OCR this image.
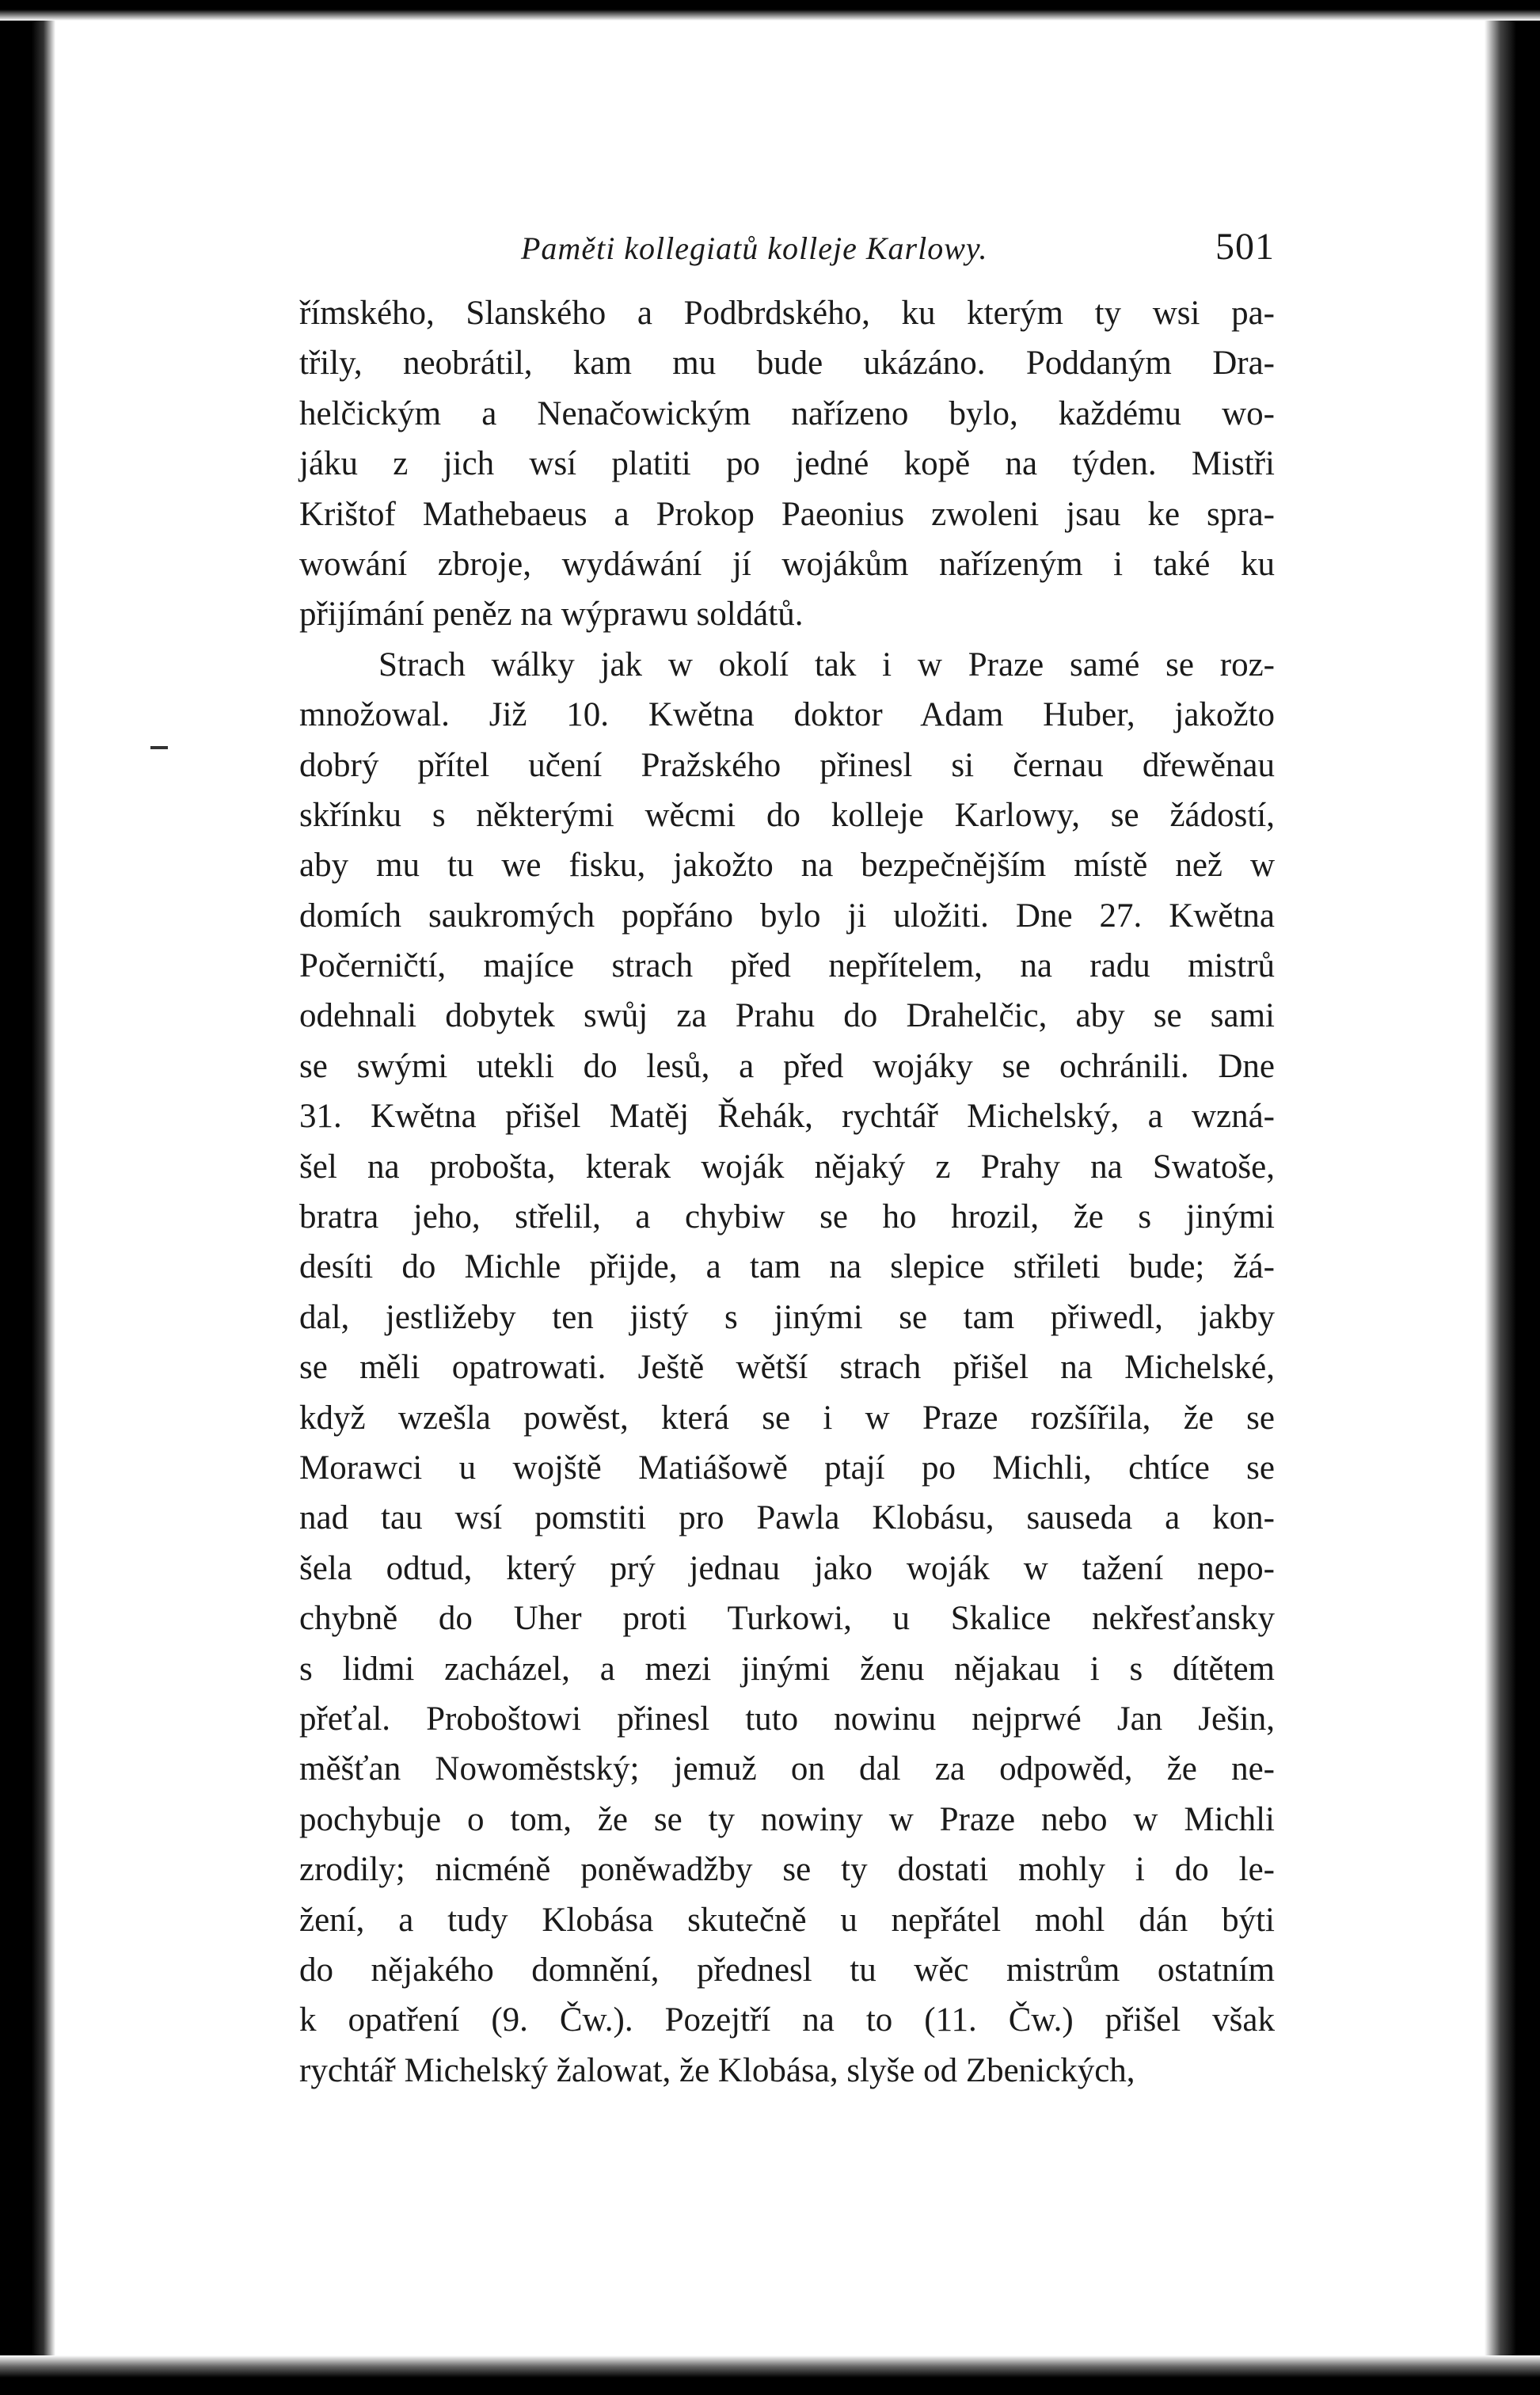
Paměti kollegiatů kolleje Karlowy.	501

římského, Slanského a Podbrdského, ku kterým ty wsi pa-
třily, neobrátil, kam mu bude ukázáno. Poddaným Dra-
helčickým a Nenačowickým nařízeno bylo, každému wo-
jáku z jich wsí platiti po jedné kopě na týden. Mistři
Krištof Mathebaeus a Prokop Paeonius zwoleni jsau ke spra-
wowání zbroje, wydáwání jí wojákům nařízeným i také ku
přijímání peněz na wýprawu soldátů.

Strach wálky jak w okolí tak i w Praze samé se roz-
množowal. Již 10. Kwětna doktor Adam Huber, jakožto
dobrý přítel učení Pražského přinesl si černau dřewěnau
skřínku s některými wěcmi do kolleje Karlowy, se žádostí,
aby mu tu we fisku, jakožto na bezpečnějším místě než w
domích saukromých popřáno bylo ji uložiti. Dne 27. Kwětna
Počerničtí, majíce strach před nepřítelem, na radu mistrů
odehnali dobytek swůj za Prahu do Drahelčic, aby se sami
se swými utekli do lesů, a před wojáky se ochránili. Dne
31. Kwětna přišel Matěj Řehák, rychtář Michelský, a wzná-
šel na probošta, kterak woják nějaký z Prahy na Swatoše,
bratra jeho, střelil, a chybiw se ho hrozil, že s jinými
desíti do Michle přijde, a tam na slepice střileti bude; žá-
dal, jestližeby ten jistý s jinými se tam přiwedl, jakby
se měli opatrowati. Ještě wětší strach přišel na Michelské,
když wzešla powěst, která se i w Praze rozšířila, že se
Morawci u wojště Matiášowě ptají po Michli, chtíce se
nad tau wsí pomstiti pro Pawla Klobásu, sauseda a kon-
šela odtud, který prý jednau jako woják w tažení nepo-
chybně do Uher proti Turkowi, u Skalice nekřesťansky
s lidmi zacházel, a mezi jinými ženu nějakau i s dítětem
přeťal. Proboštowi přinesl tuto nowinu nejprwé Jan Ješin,
měšťan Nowoměstský; jemuž on dal za odpowěd, že ne-
pochybuje o tom, že se ty nowiny w Praze nebo w Michli
zrodily; nicméně poněwadžby se ty dostati mohly i do le-
žení, a tudy Klobása skutečně u nepřátel mohl dán býti
do nějakého domnění, přednesl tu wěc mistrům ostatním
k opatření (9. Čw.). Pozejtří na to (11. Čw.) přišel však
rychtář Michelský žalowat, že Klobása, slyše od Zbenických,
